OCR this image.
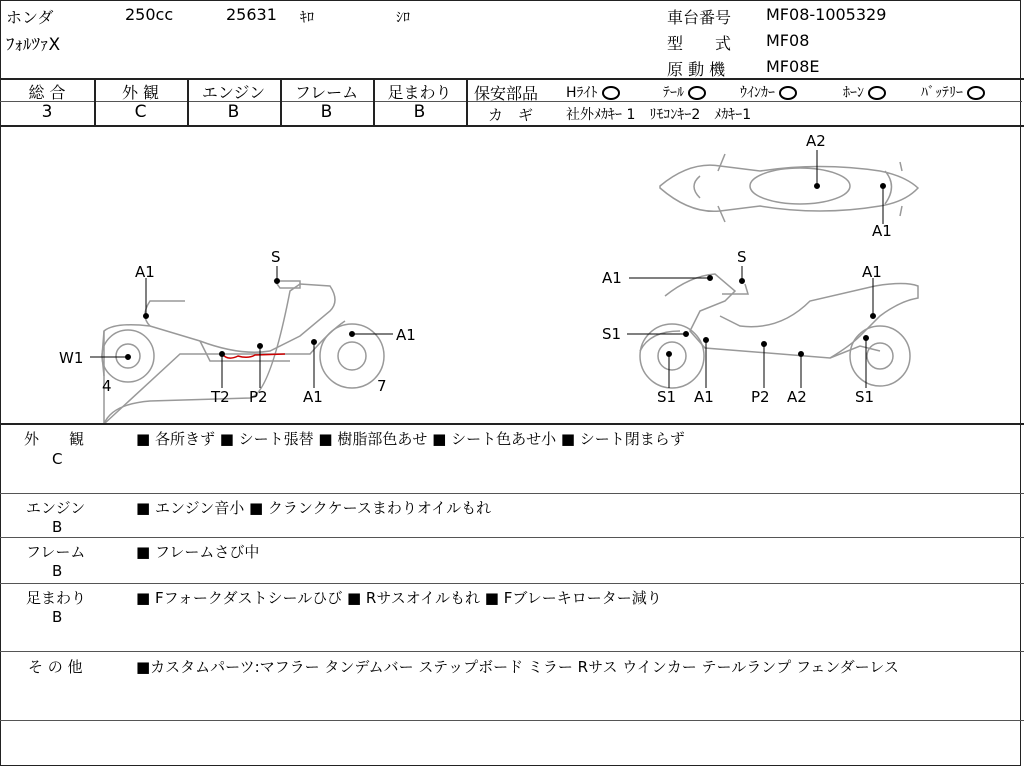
ホンダ	250cc	25631 ｷﾛ	ｼﾛ
ﾌｫﾙﾂｧX
車台番号 MF08-1005329
型　　式 MF08
原 動 機	MF08E
総 合	外 観	エンジン	フレーム	足まわり
3	C	B	B	B
保安部品 Hﾗｲﾄ	ﾃｰﾙ	ｳｲﾝｶｰ	ﾎｰﾝ	ﾊﾞｯﾃﾘｰ
カ　ギ 社外ﾒｶｷｰ 1　ﾘﾓｺﾝｷｰ2　ﾒｶｷｰ1
A1
S
A1
W1
4
T2 P2 A1
7
A1
S
A1
S1
S1 A1 P2 A2	S1
A2
A1
外　　観
C
■ 各所きず ■ シート張替 ■ 樹脂部色あせ ■ シート色あせ小 ■ シート閉まらず
エンジン
B
■ エンジン音小 ■ クランクケースまわりオイルもれ
フレーム
B
■ フレームさび中
足まわり
B
■ Fフォークダストシールひび ■ Rサスオイルもれ ■ Fブレーキローター減り
そ の 他	■カスタムパーツ:マフラー タンデムバー ステップボード ミラー Rサス ウインカー テールランプ フェンダーレス
